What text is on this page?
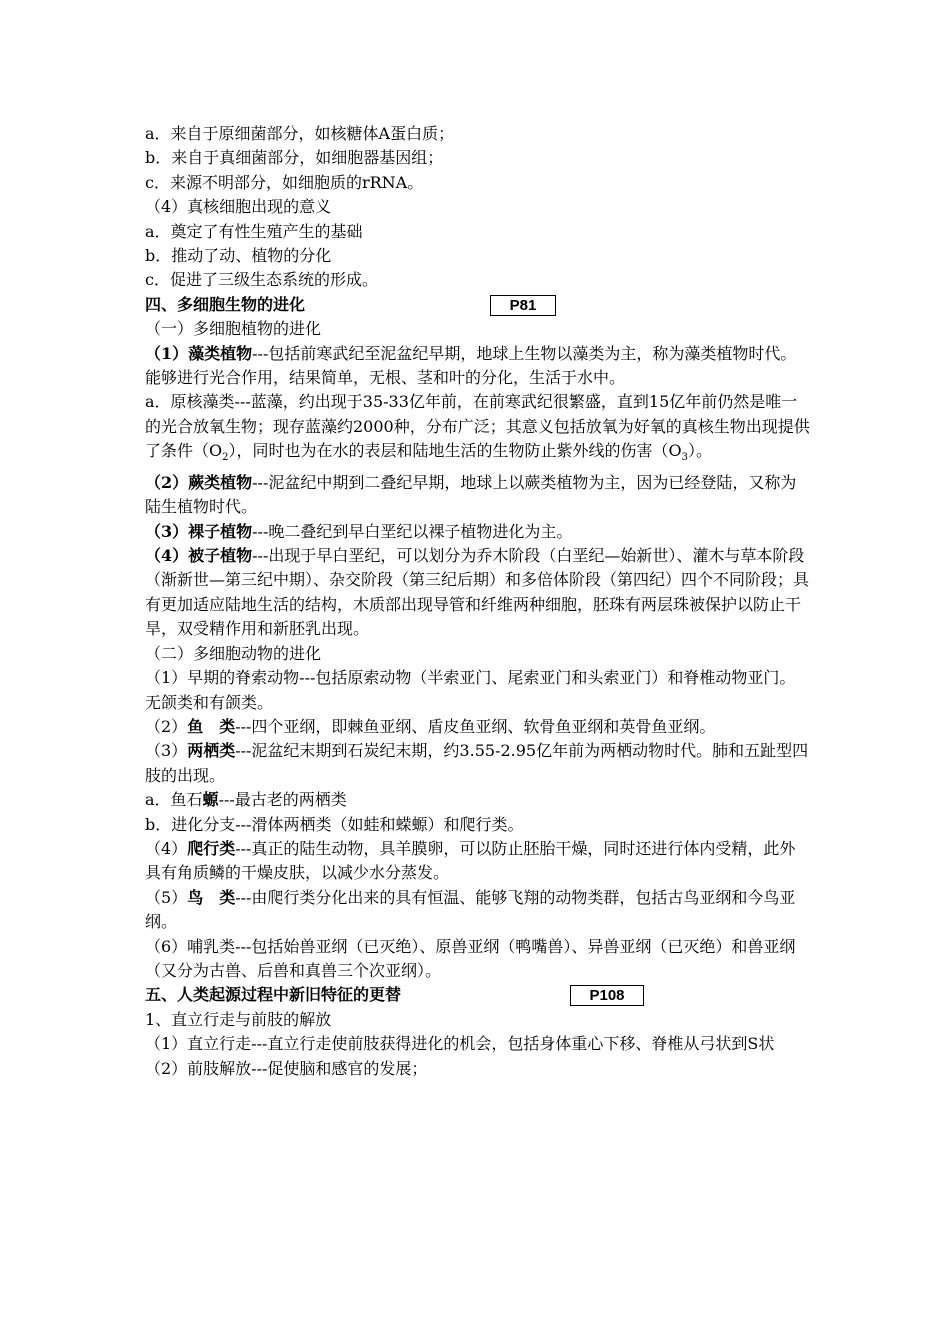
a．来自于原细菌部分，如核糖体A蛋白质；

b．来自于真细菌部分，如细胞器基因组；

c．来源不明部分，如细胞质的rRNA。

（4）真核细胞出现的意义

a．奠定了有性生殖产生的基础

b．推动了动、植物的分化

c．促进了三级生态系统的形成。

四、多细胞生物的进化	P81

（一）多细胞植物的进化

（1）藻类植物---包括前寒武纪至泥盆纪早期，地球上生物以藻类为主，称为藻类植物时代。能够进行光合作用，结果简单，无根、茎和叶的分化，生活于水中。

a．原核藻类---蓝藻，约出现于35-33亿年前，在前寒武纪很繁盛，直到15亿年前仍然是唯一的光合放氧生物；现存蓝藻约2000种，分布广泛；其意义包括放氧为好氧的真核生物出现提供了条件$(O_2)$，同时也为在水的表层和陆地生活的生物防止紫外线的伤害$(O_3)$。

（2）蕨类植物---泥盆纪中期到二叠纪早期，地球上以蕨类植物为主，因为已经登陆，又称为陆生植物时代。

（3）裸子植物---晚二叠纪到早白垩纪以裸子植物进化为主。

（4）被子植物---出现于早白垩纪，可以划分为乔木阶段（白垩纪—始新世）、灌木与草本阶段（渐新世—第三纪中期）、杂交阶段（第三纪后期）和多倍体阶段（第四纪）四个不同阶段；具有更加适应陆地生活的结构，木质部出现导管和纤维两种细胞，胚珠有两层珠被保护以防止干旱，双受精作用和新胚乳出现。

（二）多细胞动物的进化

（1）早期的脊索动物---包括原索动物（半索亚门、尾索亚门和头索亚门）和脊椎动物亚门。无颌类和有颌类。

（2）鱼　类---四个亚纲，即棘鱼亚纲、盾皮鱼亚纲、软骨鱼亚纲和英骨鱼亚纲。

（3）两栖类---泥盆纪末期到石炭纪末期，约3.55-2.95亿年前为两栖动物时代。肺和五趾型四肢的出现。

a．鱼石螈---最古老的两栖类

b．进化分支---滑体两栖类（如蛙和蝾螈）和爬行类。

（4）爬行类---真正的陆生动物，具羊膜卵，可以防止胚胎干燥，同时还进行体内受精，此外具有角质鳞的干燥皮肤，以减少水分蒸发。

（5）鸟　类---由爬行类分化出来的具有恒温、能够飞翔的动物类群，包括古鸟亚纲和今鸟亚纲。

（6）哺乳类---包括始兽亚纲（已灭绝）、原兽亚纲（鸭嘴兽）、异兽亚纲（已灭绝）和兽亚纲（又分为古兽、后兽和真兽三个次亚纲）。

五、人类起源过程中新旧特征的更替	P108

1、直立行走与前肢的解放

（1）直立行走---直立行走使前肢获得进化的机会，包括身体重心下移、脊椎从弓状到S状

（2）前肢解放---促使脑和感官的发展；
